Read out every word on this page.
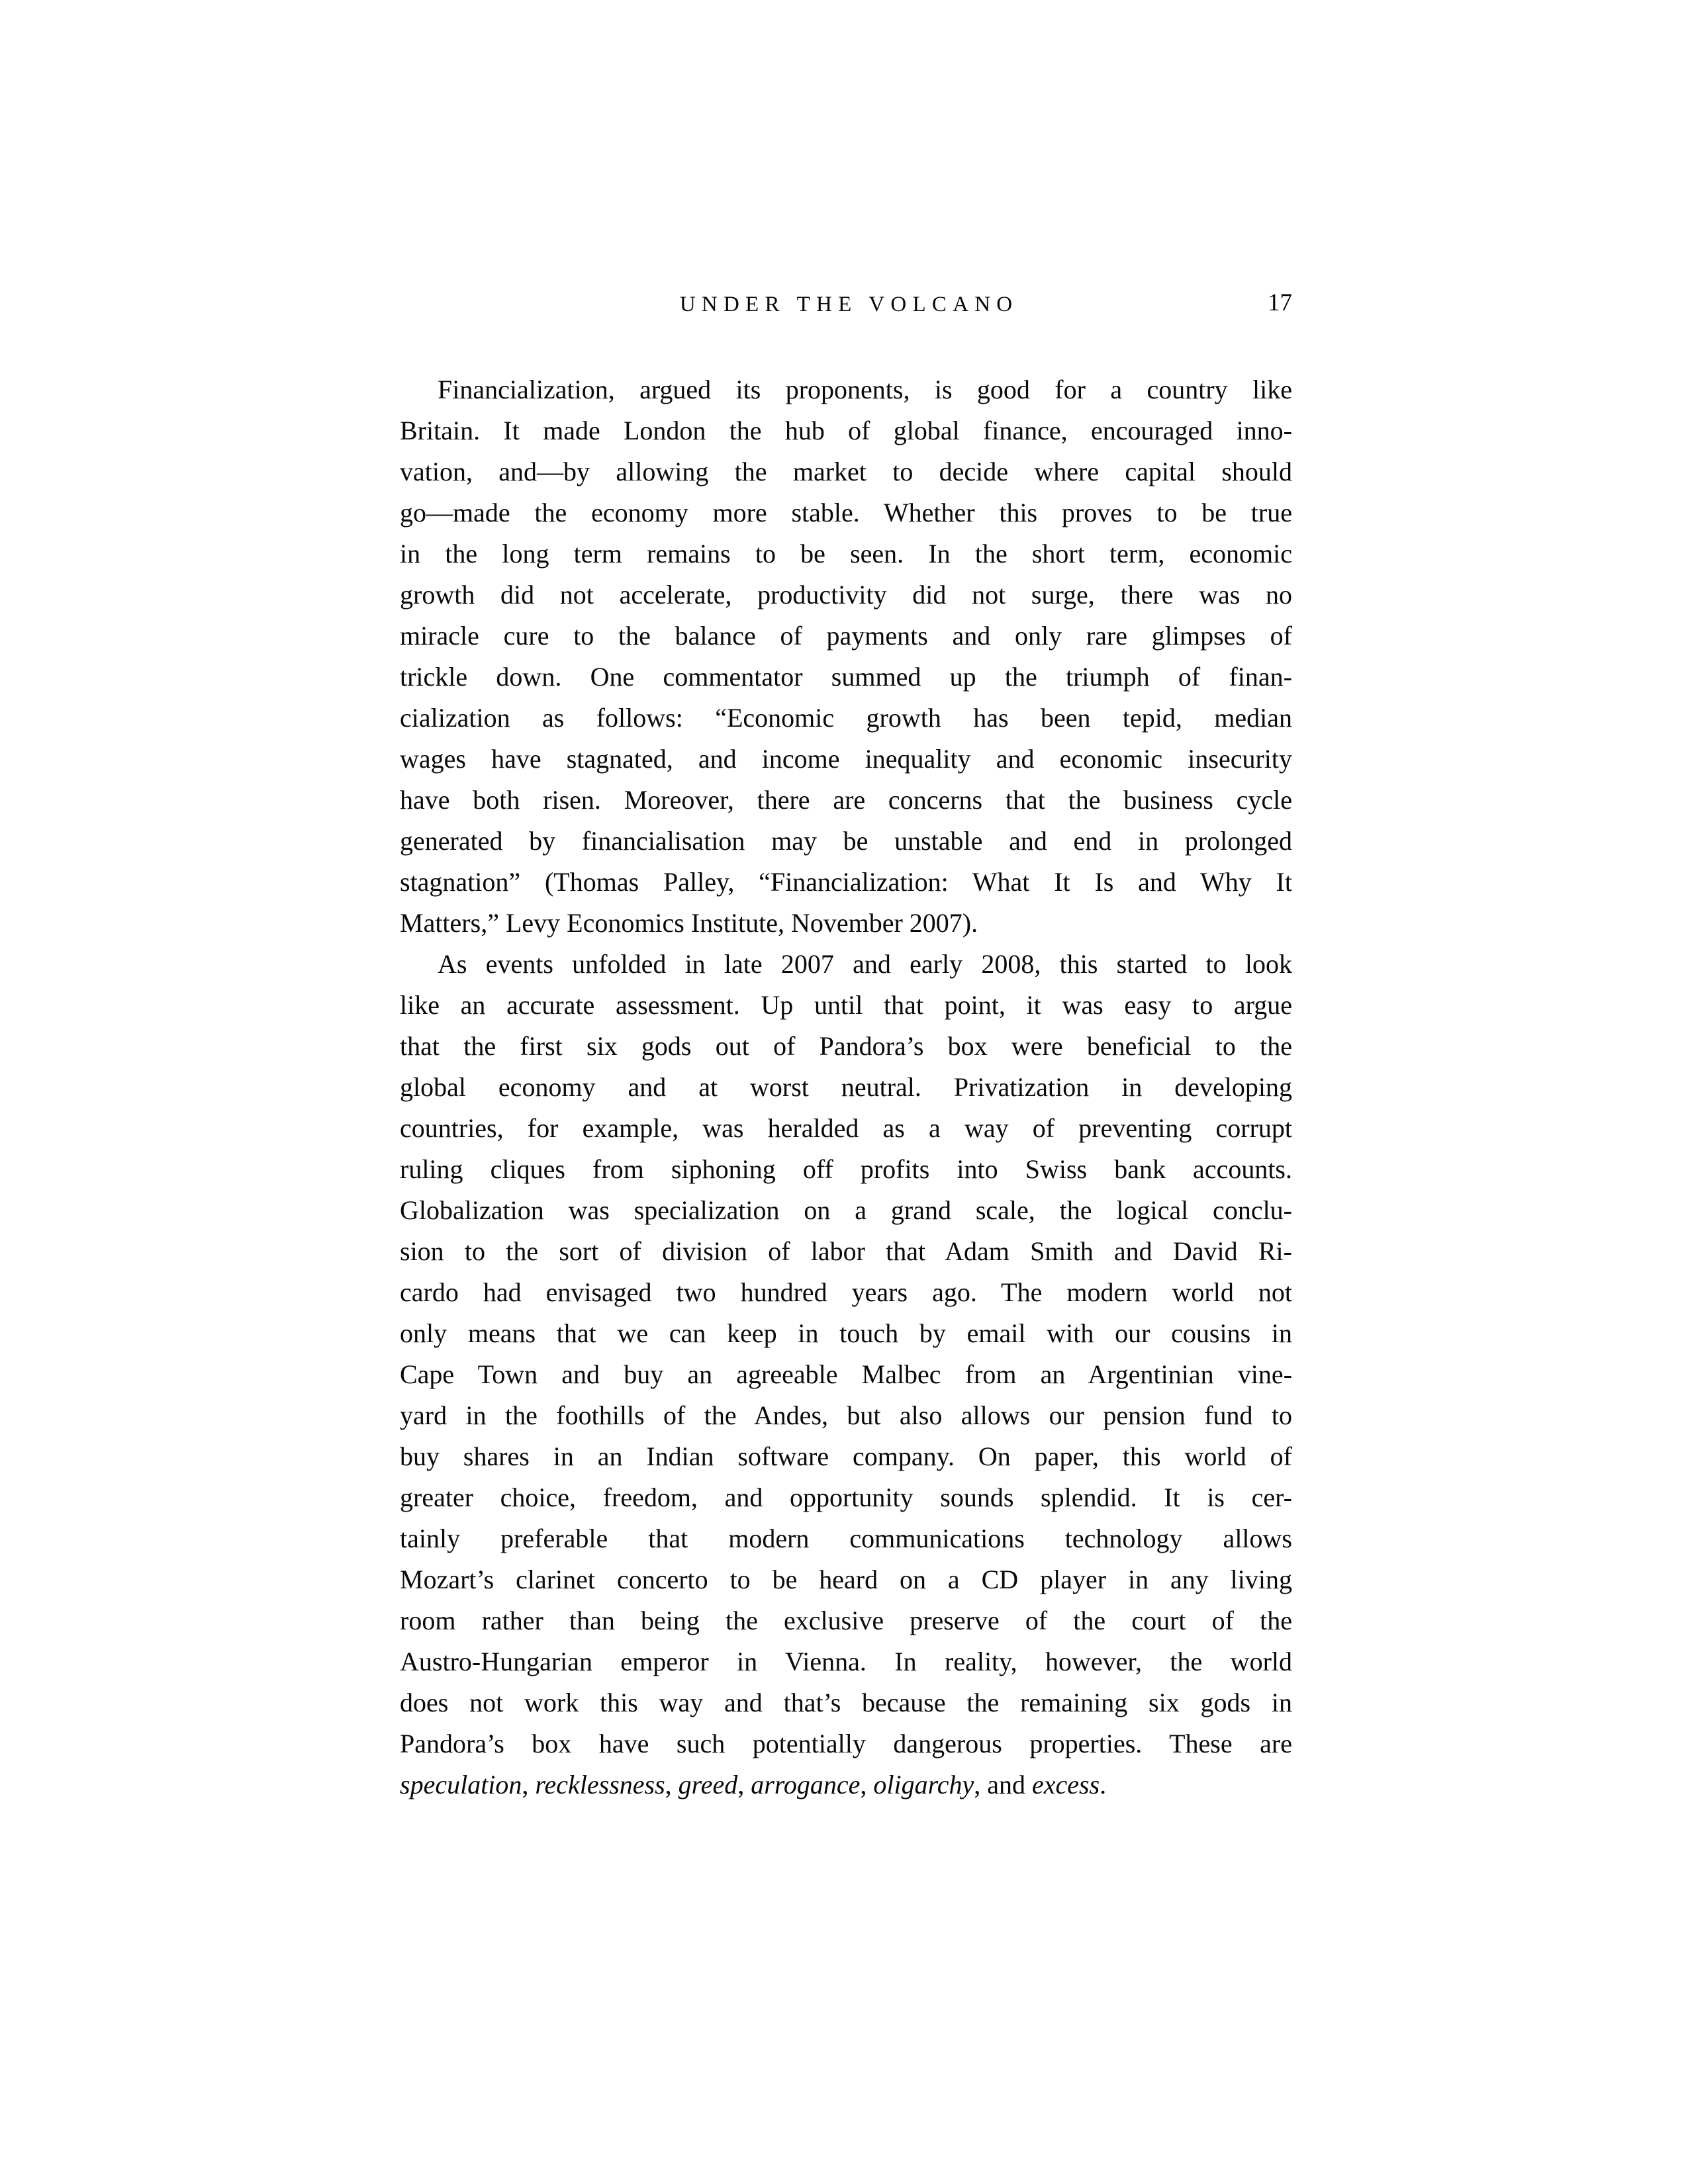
UNDER THE VOLCANO	17
Financialization, argued its proponents, is good for a country like
Britain. It made London the hub of global finance, encouraged inno-
vation, and—by allowing the market to decide where capital should
go—made the economy more stable. Whether this proves to be true
in the long term remains to be seen. In the short term, economic
growth did not accelerate, productivity did not surge, there was no
miracle cure to the balance of payments and only rare glimpses of
trickle down. One commentator summed up the triumph of finan-
cialization as follows: “Economic growth has been tepid, median
wages have stagnated, and income inequality and economic insecurity
have both risen. Moreover, there are concerns that the business cycle
generated by financialisation may be unstable and end in prolonged
stagnation” (Thomas Palley, “Financialization: What It Is and Why It
Matters,” Levy Economics Institute, November 2007).
As events unfolded in late 2007 and early 2008, this started to look
like an accurate assessment. Up until that point, it was easy to argue
that the first six gods out of Pandora’s box were beneficial to the
global economy and at worst neutral. Privatization in developing
countries, for example, was heralded as a way of preventing corrupt
ruling cliques from siphoning off profits into Swiss bank accounts.
Globalization was specialization on a grand scale, the logical conclu-
sion to the sort of division of labor that Adam Smith and David Ri-
cardo had envisaged two hundred years ago. The modern world not
only means that we can keep in touch by email with our cousins in
Cape Town and buy an agreeable Malbec from an Argentinian vine-
yard in the foothills of the Andes, but also allows our pension fund to
buy shares in an Indian software company. On paper, this world of
greater choice, freedom, and opportunity sounds splendid. It is cer-
tainly preferable that modern communications technology allows
Mozart’s clarinet concerto to be heard on a CD player in any living
room rather than being the exclusive preserve of the court of the
Austro-Hungarian emperor in Vienna. In reality, however, the world
does not work this way and that’s because the remaining six gods in
Pandora’s box have such potentially dangerous properties. These are
speculation, recklessness, greed, arrogance, oligarchy, and excess.
